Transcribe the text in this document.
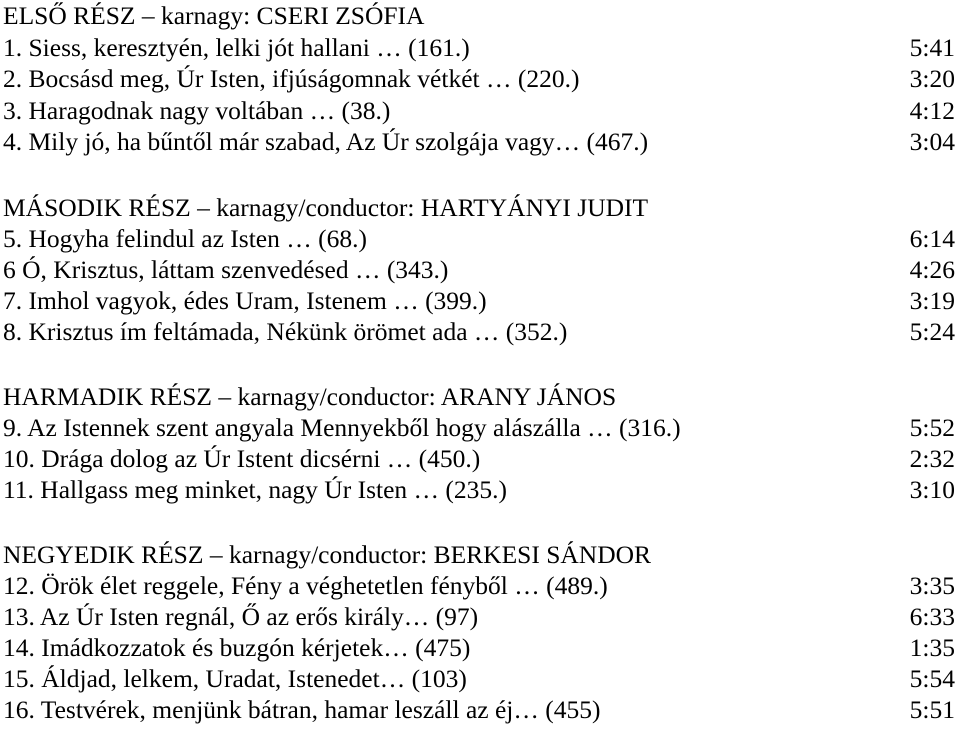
ELSŐ RÉSZ – karnagy: CSERI ZSÓFIA
1. Siess, keresztyén, lelki jót hallani … (161.)	5:41
2. Bocsásd meg, Úr Isten, ifjúságomnak vétkét … (220.)	3:20
3. Haragodnak nagy voltában … (38.)	4:12
4. Mily jó, ha bűntől már szabad, Az Úr szolgája vagy… (467.)	3:04
MÁSODIK RÉSZ – karnagy/conductor: HARTYÁNYI JUDIT
5. Hogyha felindul az Isten … (68.)	6:14
6 Ó, Krisztus, láttam szenvedésed … (343.)	4:26
7. Imhol vagyok, édes Uram, Istenem … (399.)	3:19
8. Krisztus ím feltámada, Nékünk örömet ada … (352.)	5:24
HARMADIK RÉSZ – karnagy/conductor: ARANY JÁNOS
9. Az Istennek szent angyala Mennyekből hogy alászálla … (316.)	5:52
10. Drága dolog az Úr Istent dicsérni … (450.)	2:32
11. Hallgass meg minket, nagy Úr Isten … (235.)	3:10
NEGYEDIK RÉSZ – karnagy/conductor: BERKESI SÁNDOR
12. Örök élet reggele, Fény a véghetetlen fényből … (489.)	3:35
13. Az Úr Isten regnál, Ő az erős király… (97)	6:33
14. Imádkozzatok és buzgón kérjetek… (475)	1:35
15. Áldjad, lelkem, Uradat, Istenedet… (103)	5:54
16. Testvérek, menjünk bátran, hamar leszáll az éj… (455)	5:51
